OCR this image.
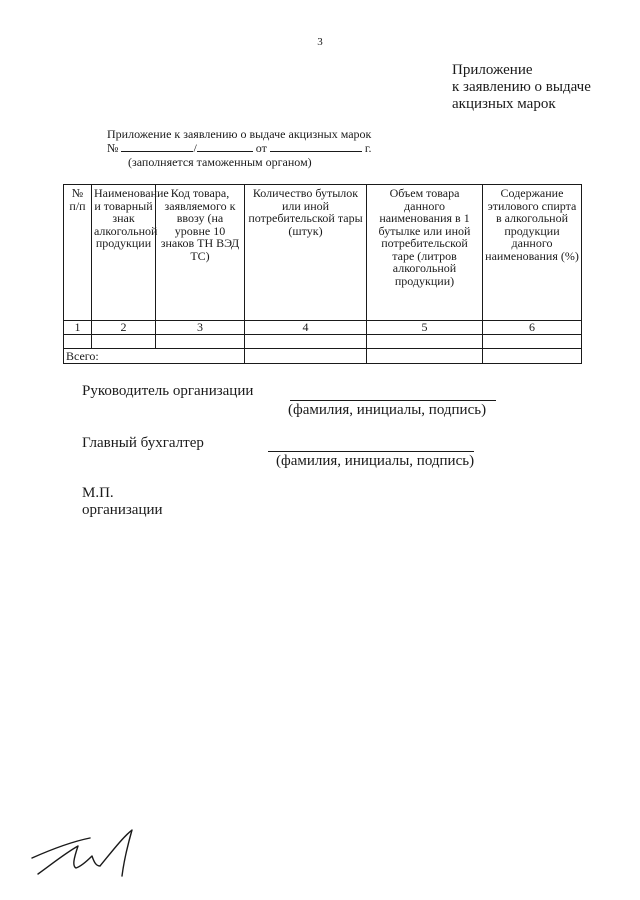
3
Приложение
к заявлению о выдаче
акцизных марок
Приложение к заявлению о выдаче акцизных марок
№	/	от	г.
(заполняется таможенным органом)
№ п/п	Наименование и товарный знак алкогольной продукции	Код товара, заявляемого к ввозу (на уровне 10 знаков ТН ВЭД ТС)	Количество бутылок или иной потребительской тары (штук)	Объем товара данного наименования в 1 бутылке или иной потребительской таре (литров алкогольной продукции)	Содержание этилового спирта в алкогольной продукции данного наименования (%)
1	2	3	4	5	6

Всего:					
Руководитель организации
(фамилия, инициалы, подпись)
Главный бухгалтер
(фамилия, инициалы, подпись)
М.П.
организации
